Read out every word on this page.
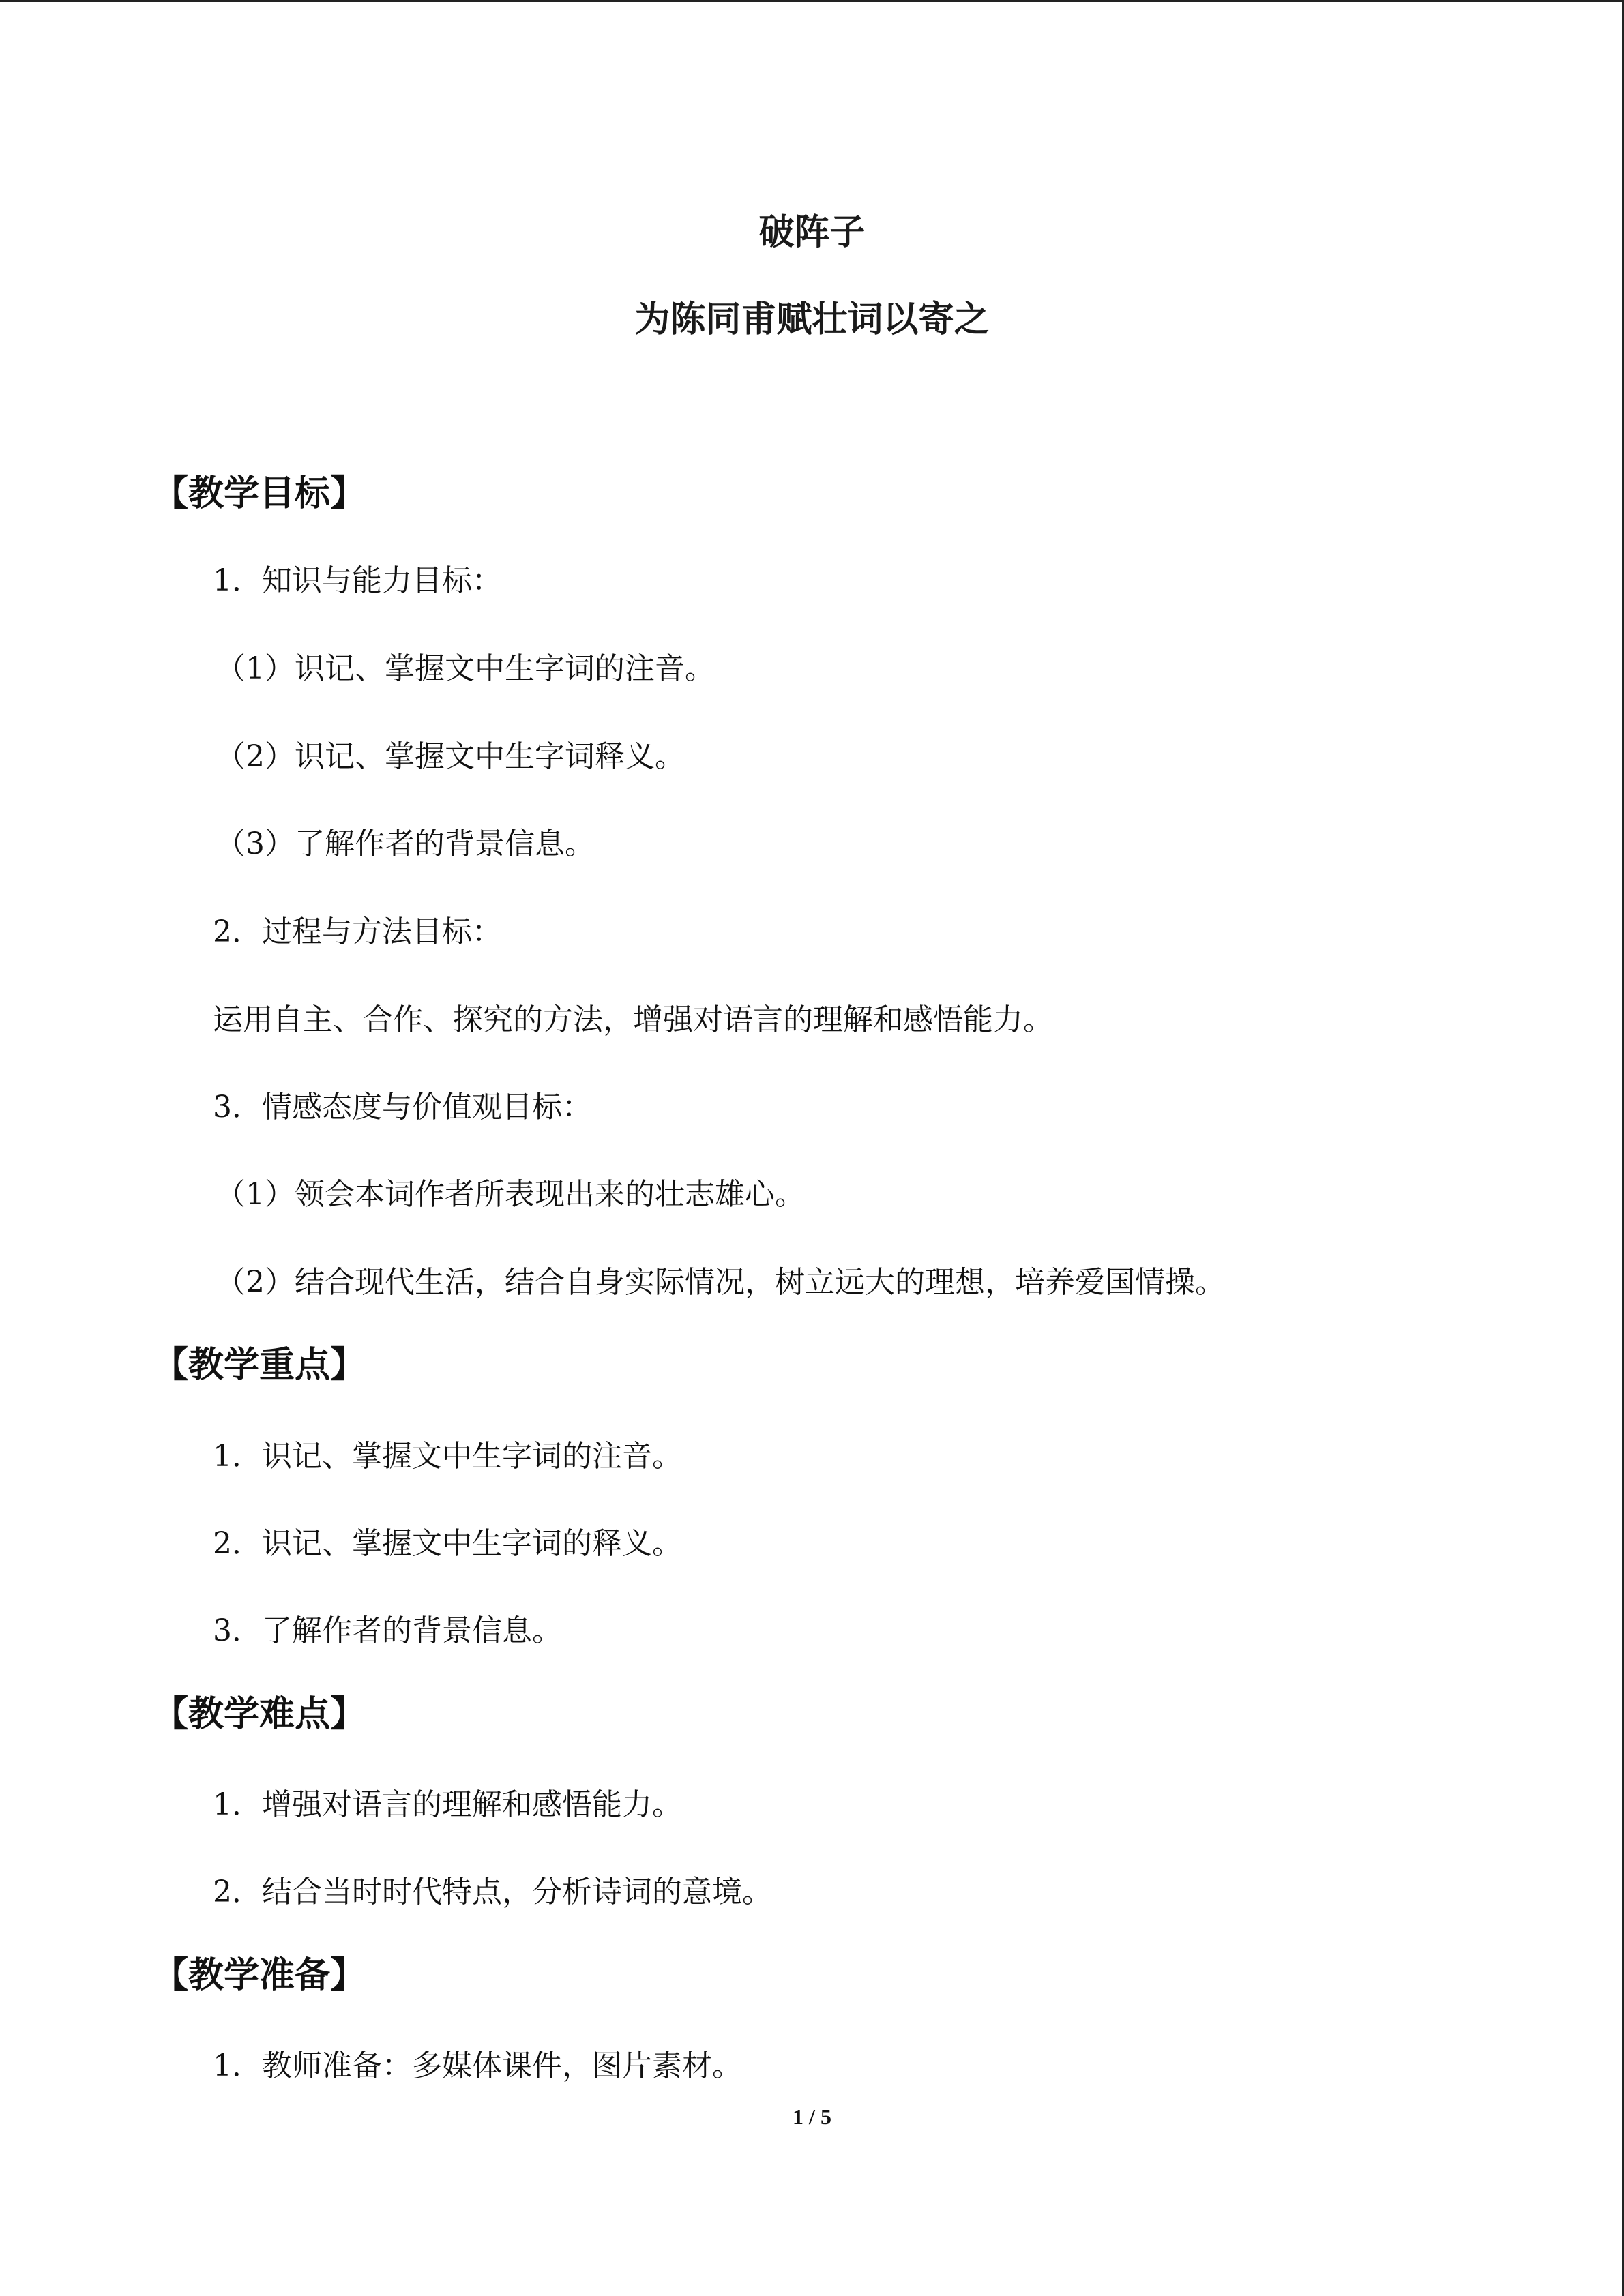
破阵子
为陈同甫赋壮词以寄之
【教学目标】
1．知识与能力目标：
（1）识记、掌握文中生字词的注音。
（2）识记、掌握文中生字词释义。
（3）了解作者的背景信息。
2．过程与方法目标：
运用自主、合作、探究的方法，增强对语言的理解和感悟能力。
3．情感态度与价值观目标：
（1）领会本词作者所表现出来的壮志雄心。
（2）结合现代生活，结合自身实际情况，树立远大的理想，培养爱国情操。
【教学重点】
1．识记、掌握文中生字词的注音。
2．识记、掌握文中生字词的释义。
3．了解作者的背景信息。
【教学难点】
1．增强对语言的理解和感悟能力。
2．结合当时时代特点，分析诗词的意境。
【教学准备】
1．教师准备：多媒体课件，图片素材。
1 / 5
